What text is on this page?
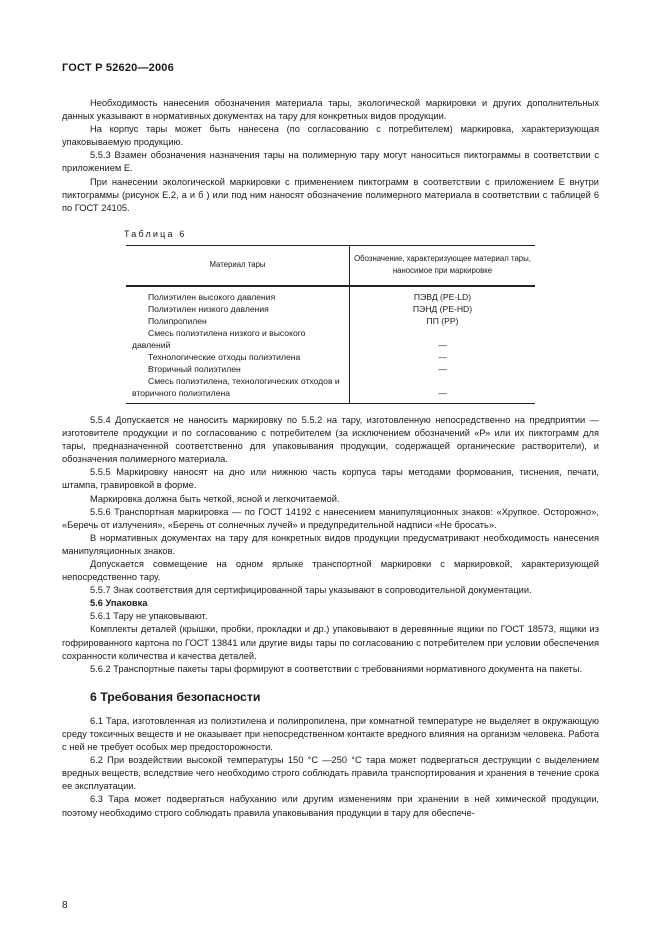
ГОСТ Р 52620—2006

Необходимость нанесения обозначения материала тары, экологической маркировки и других дополнительных данных указывают в нормативных документах на тару для конкретных видов продукции.

На корпус тары может быть нанесена (по согласованию с потребителем) маркировка, характеризующая упаковываемую продукцию.

5.5.3 Взамен обозначения назначения тары на полимерную тару могут наноситься пиктограммы в соответствии с приложением Е.

При нанесении экологической маркировки с применением пиктограмм в соответствии с приложением Е внутри пиктограммы (рисунок Е.2, а и б ) или под ним наносят обозначение полимерного материала в соответствии с таблицей 6 по ГОСТ 24105.

Таблица 6
Материал тары	Обозначение, характеризующее материал тары, наносимое при маркировке

Полиэтилен высокого давления	ПЭВД (PE-LD)

Полиэтилен низкого давления	ПЭНД (PE-HD)

Полипропилен	ПП (PP)

Смесь полиэтилена низкого и высокого давлений	—

Технологические отходы полиэтилена	—

Вторичный полиэтилен	—

Смесь полиэтилена, технологических отходов и вторичного полиэтилена	—

5.5.4 Допускается не наносить маркировку по 5.5.2 на тару, изготовленную непосредственно на предприятии — изготовителе продукции и по согласованию с потребителем (за исключением обозначений «Р» или их пиктограмм для тары, предназначенной соответственно для упаковывания продукции, содержащей органические растворители), и обозначения полимерного материала.

5.5.5 Маркировку наносят на дно или нижнюю часть корпуса тары методами формования, тиснения, печати, штампа, гравировкой в форме.

Маркировка должна быть четкой, ясной и легкочитаемой.

5.5.6 Транспортная маркировка — по ГОСТ 14192 с нанесением манипуляционных знаков: «Хрупкое. Осторожно», «Беречь от излучения», «Беречь от солнечных лучей» и предупредительной надписи «Не бросать».

В нормативных документах на тару для конкретных видов продукции предусматривают необходимость нанесения манипуляционных знаков.

Допускается совмещение на одном ярлыке транспортной маркировки с маркировкой, характеризующей непосредственно тару.

5.5.7 Знак соответствия для сертифицированной тары указывают в сопроводительной документации.

5.6 Упаковка

5.6.1 Тару не упаковывают.

Комплекты деталей (крышки, пробки, прокладки и др.) упаковывают в деревянные ящики по ГОСТ 18573, ящики из гофрированного картона по ГОСТ 13841 или другие виды тары по согласованию с потребителем при условии обеспечения сохранности количества и качества деталей.

5.6.2 Транспортные пакеты тары формируют в соответствии с требованиями нормативного документа на пакеты.

6 Требования безопасности

6.1 Тара, изготовленная из полиэтилена и полипропилена, при комнатной температуре не выделяет в окружающую среду токсичных веществ и не оказывает при непосредственном контакте вредного влияния на организм человека. Работа с ней не требует особых мер предосторожности.

6.2 При воздействии высокой температуры 150 °С —250 °С тара может подвергаться деструкции с выделением вредных веществ, вследствие чего необходимо строго соблюдать правила транспортирования и хранения в течение срока ее эксплуатации.

6.3 Тара может подвергаться набуханию или другим изменениям при хранении в ней химической продукции, поэтому необходимо строго соблюдать правила упаковывания продукции в тару для обеспече-

8
